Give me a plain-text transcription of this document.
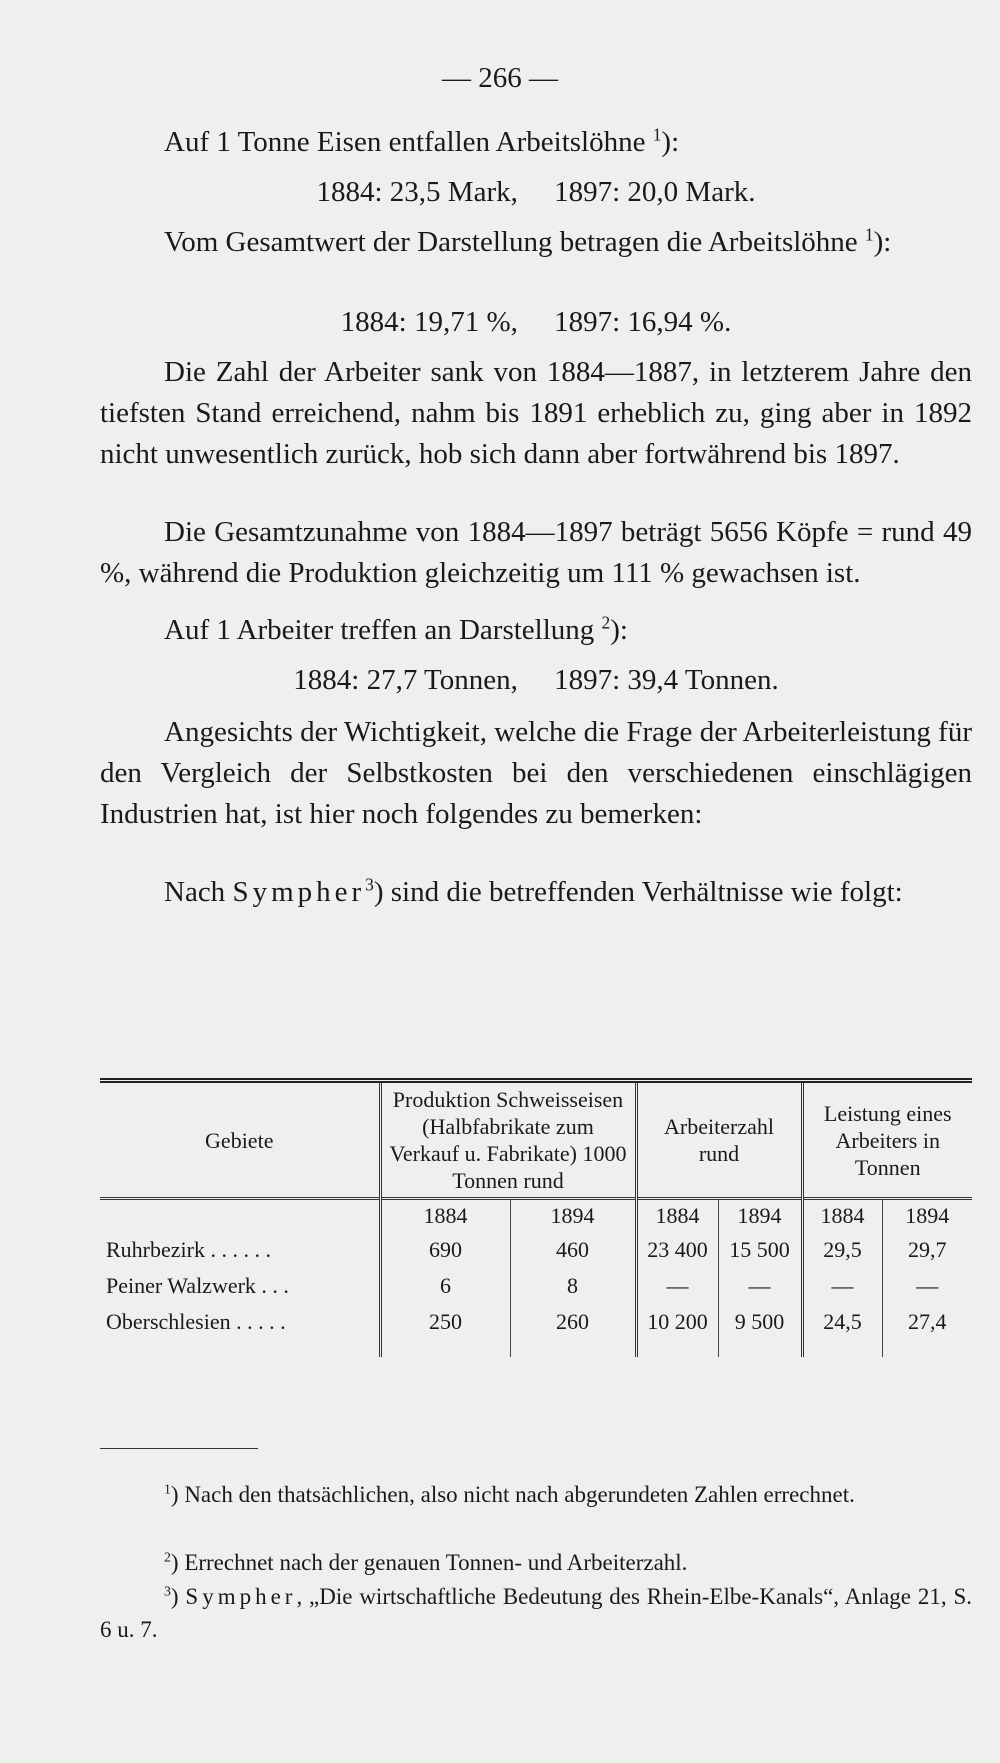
— 266 —
Auf 1 Tonne Eisen entfallen Arbeitslöhne $^1$):
1884: 23,5 Mark,     1897: 20,0 Mark.
Vom Gesamtwert der Darstellung betragen die Arbeitslöhne $^1$):
1884: 19,71 %,     1897: 16,94 %.
Die Zahl der Arbeiter sank von 1884—1887, in letzterem Jahre den tiefsten Stand erreichend, nahm bis 1891 erheblich zu, ging aber in 1892 nicht unwesentlich zurück, hob sich dann aber fortwährend bis 1897.
Die Gesamtzunahme von 1884—1897 beträgt 5656 Köpfe = rund 49 %, während die Produktion gleichzeitig um 111 % gewachsen ist.
Auf 1 Arbeiter treffen an Darstellung $^2$):
1884: 27,7 Tonnen,     1897: 39,4 Tonnen.
Angesichts der Wichtigkeit, welche die Frage der Arbeiterleistung für den Vergleich der Selbstkosten bei den verschiedenen einschlägigen Industrien hat, ist hier noch folgendes zu bemerken:
Nach Sympher$^3$) sind die betreffenden Verhältnisse wie folgt:
Gebiete	Produktion Schweisseisen (Halbfabrikate zum Verkauf u. Fabrikate) 1000 Tonnen rund		Arbeiterzahl rund		Leistung eines Arbeiters in Tonnen	
	1884	1894	1884	1894	1884	1894
Ruhrbezirk . . . . . .	690	460	23 400	15 500	29,5	29,7
Peiner Walzwerk . . .	6	8	—	—	—	—
Oberschlesien . . . . .	250	260	10 200	9 500	24,5	27,4
$^1$) Nach den thatsächlichen, also nicht nach abgerundeten Zahlen errechnet.
$^2$) Errechnet nach der genauen Tonnen- und Arbeiterzahl.
$^3$) Sympher, „Die wirtschaftliche Bedeutung des Rhein-Elbe-Kanals“, Anlage 21, S. 6 u. 7.
